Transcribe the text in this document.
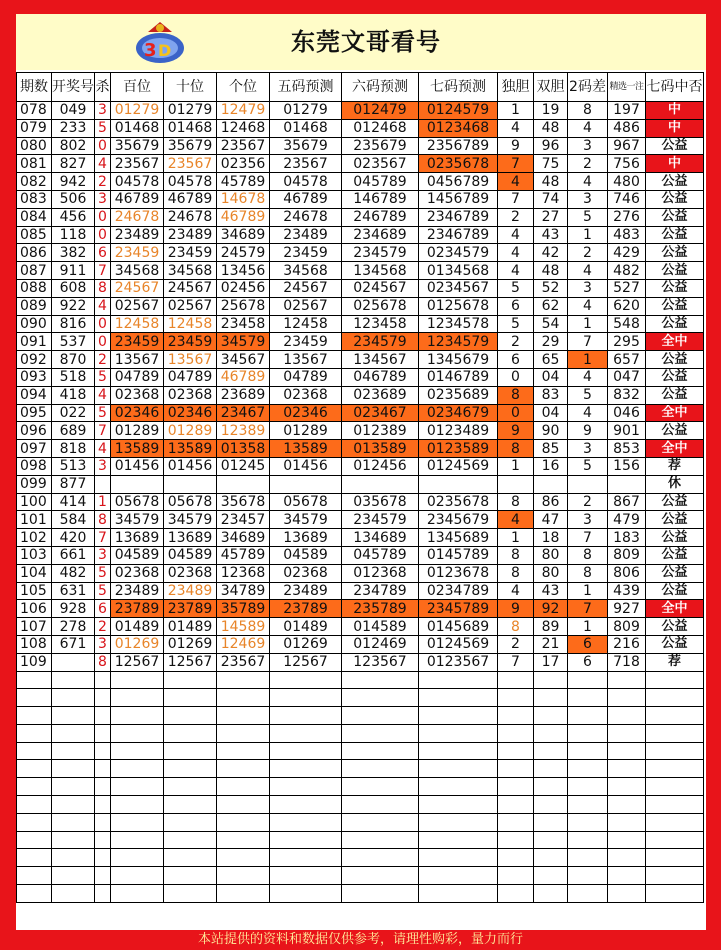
3 D	东莞文哥看号
期数	开奖号	杀	百位	十位	个位	五码预测	六码预测	七码预测	独胆	双胆	2码差	精选一注	七码中否
078	049	3	01279	01279	12479	01279	012479	0124579	1	19	8	197	中
079	233	5	01468	01468	12468	01468	012468	0123468	4	48	4	486	中
080	802	0	35679	35679	23567	35679	235679	2356789	9	96	3	967	公益
081	827	4	23567	23567	02356	23567	023567	0235678	7	75	2	756	中
082	942	2	04578	04578	45789	04578	045789	0456789	4	48	4	480	公益
083	506	3	46789	46789	14678	46789	146789	1456789	7	74	3	746	公益
084	456	0	24678	24678	46789	24678	246789	2346789	2	27	5	276	公益
085	118	0	23489	23489	34689	23489	234689	2346789	4	43	1	483	公益
086	382	6	23459	23459	24579	23459	234579	0234579	4	42	2	429	公益
087	911	7	34568	34568	13456	34568	134568	0134568	4	48	4	482	公益
088	608	8	24567	24567	02456	24567	024567	0234567	5	52	3	527	公益
089	922	4	02567	02567	25678	02567	025678	0125678	6	62	4	620	公益
090	816	0	12458	12458	23458	12458	123458	1234578	5	54	1	548	公益
091	537	0	23459	23459	34579	23459	234579	1234579	2	29	7	295	全中
092	870	2	13567	13567	34567	13567	134567	1345679	6	65	1	657	公益
093	518	5	04789	04789	46789	04789	046789	0146789	0	04	4	047	公益
094	418	4	02368	02368	23689	02368	023689	0235689	8	83	5	832	公益
095	022	5	02346	02346	23467	02346	023467	0234679	0	04	4	046	全中
096	689	7	01289	01289	12389	01289	012389	0123489	9	90	9	901	公益
097	818	4	13589	13589	01358	13589	013589	0123589	8	85	3	853	全中
098	513	3	01456	01456	01245	01456	012456	0124569	1	16	5	156	荐
099	877												休
100	414	1	05678	05678	35678	05678	035678	0235678	8	86	2	867	公益
101	584	8	34579	34579	23457	34579	234579	2345679	4	47	3	479	公益
102	420	7	13689	13689	34689	13689	134689	1345689	1	18	7	183	公益
103	661	3	04589	04589	45789	04589	045789	0145789	8	80	8	809	公益
104	482	5	02368	02368	12368	02368	012368	0123678	8	80	8	806	公益
105	631	5	23489	23489	34789	23489	234789	0234789	4	43	1	439	公益
106	928	6	23789	23789	35789	23789	235789	2345789	9	92	7	927	全中
107	278	2	01489	01489	14589	01489	014589	0145689	8	89	1	809	公益
108	671	3	01269	01269	12469	01269	012469	0124569	2	21	6	216	公益
109		8	12567	12567	23567	12567	123567	0123567	7	17	6	718	荐

本站提供的资料和数据仅供参考，请理性购彩，量力而行
